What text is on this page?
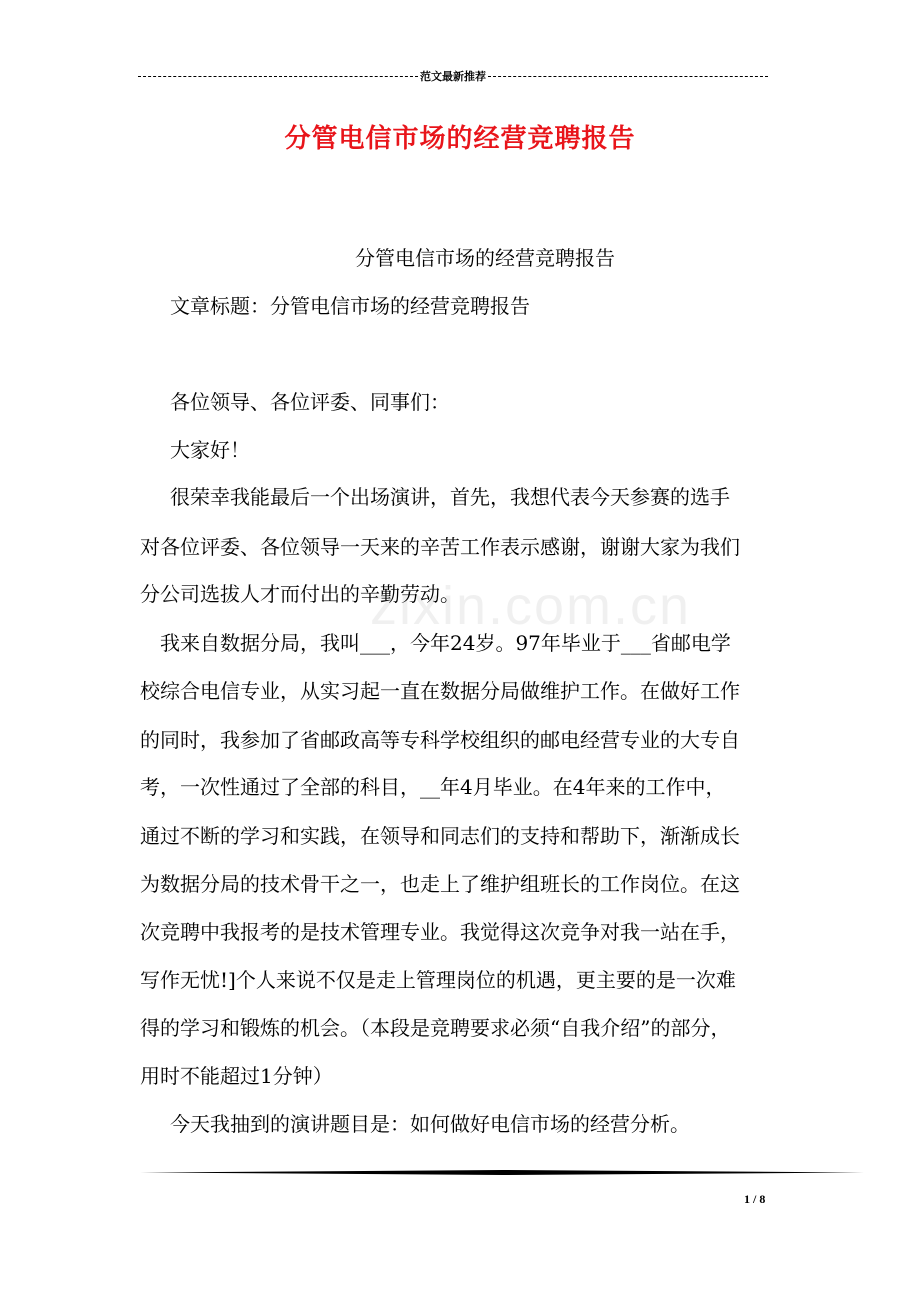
范文最新推荐
分管电信市场的经营竞聘报告
分管电信市场的经营竞聘报告
文章标题：分管电信市场的经营竞聘报告
各位领导、各位评委、同事们：
大家好！
很荣幸我能最后一个出场演讲，首先，我想代表今天参赛的选手
对各位评委、各位领导一天来的辛苦工作表示感谢，谢谢大家为我们
分公司选拔人才而付出的辛勤劳动。
zixin.com.cn
我来自数据分局，我叫___，今年24岁。97年毕业于___省邮电学
校综合电信专业，从实习起一直在数据分局做维护工作。在做好工作
的同时，我参加了省邮政高等专科学校组织的邮电经营专业的大专自
考，一次性通过了全部的科目，__年4月毕业。在4年来的工作中，
通过不断的学习和实践，在领导和同志们的支持和帮助下，渐渐成长
为数据分局的技术骨干之一，也走上了维护组班长的工作岗位。在这
次竞聘中我报考的是技术管理专业。我觉得这次竞争对我一站在手，
写作无忧!]个人来说不仅是走上管理岗位的机遇，更主要的是一次难
得的学习和锻炼的机会。（本段是竞聘要求必须“自我介绍”的部分，
用时不能超过1分钟）
今天我抽到的演讲题目是：如何做好电信市场的经营分析。
1 / 8
